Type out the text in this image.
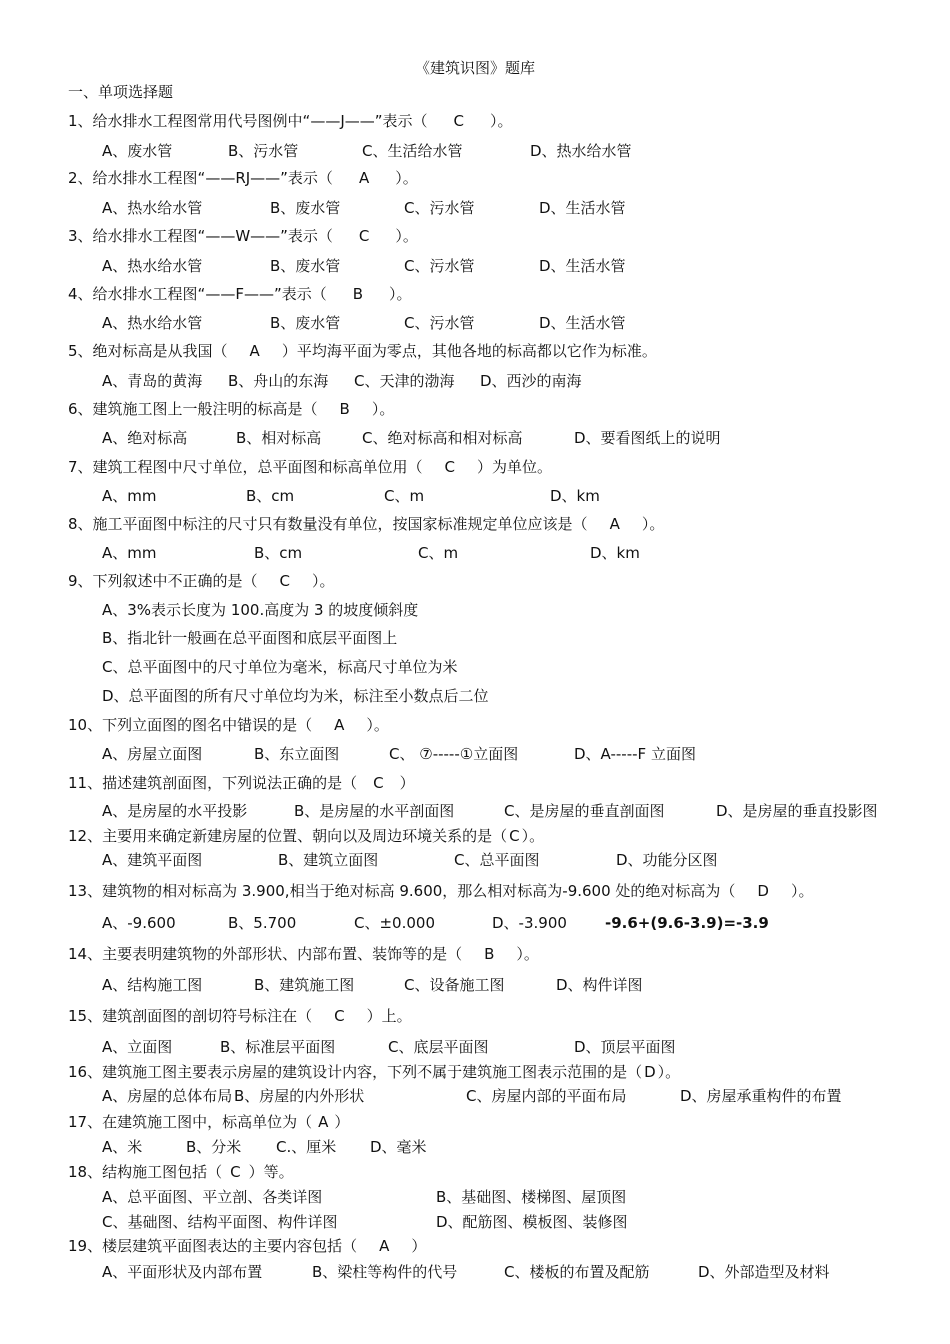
《建筑识图》题库
一、单项选择题
1、给水排水工程图常用代号图例中“——J——”表示（ C ）。
A、废水管	B、污水管	C、生活给水管	D、热水给水管
2、给水排水工程图“——RJ——”表示（ A ）。
A、热水给水管	B、废水管	C、污水管	D、生活水管
3、给水排水工程图“——W——”表示（ C ）。
A、热水给水管	B、废水管	C、污水管	D、生活水管
4、给水排水工程图“——F——”表示（ B ）。
A、热水给水管	B、废水管	C、污水管	D、生活水管
5、绝对标高是从我国（ A ）平均海平面为零点，其他各地的标高都以它作为标准。
A、青岛的黄海 B、舟山的东海 C、天津的渤海 D、西沙的南海
6、建筑施工图上一般注明的标高是（ B ）。
A、绝对标高	B、相对标高	C、绝对标高和相对标高	D、要看图纸上的说明
7、建筑工程图中尺寸单位，总平面图和标高单位用（ C ）为单位。
A、mm	B、cm	C、m	D、km
8、施工平面图中标注的尺寸只有数量没有单位，按国家标准规定单位应该是（ A ）。
A、mm	B、cm	C、m	D、km
9、下列叙述中不正确的是（ C ）。
A、3%表示长度为 100.高度为 3 的坡度倾斜度
B、指北针一般画在总平面图和底层平面图上
C、总平面图中的尺寸单位为毫米，标高尺寸单位为米
D、总平面图的所有尺寸单位均为米，标注至小数点后二位
10、下列立面图的图名中错误的是（ A ）。
A、房屋立面图	B、东立面图	C、 ⑦-----①立面图	D、A-----F 立面图
11、描述建筑剖面图，下列说法正确的是（ C ）
A、是房屋的水平投影	B、是房屋的水平剖面图	C、是房屋的垂直剖面图	D、是房屋的垂直投影图
12、主要用来确定新建房屋的位置、朝向以及周边环境关系的是（ C ）。
A、建筑平面图	B、建筑立面图	C、总平面图	D、功能分区图
13、建筑物的相对标高为 3.900,相当于绝对标高 9.600，那么相对标高为-9.600 处的绝对标高为（ D ）。
A、-9.600	B、5.700	C、±0.000	D、-3.900	-9.6+(9.6-3.9)=-3.9
14、主要表明建筑物的外部形状、内部布置、装饰等的是（ B ）。
A、结构施工图	B、建筑施工图	C、设备施工图	D、构件详图
15、建筑剖面图的剖切符号标注在（ C ）上。
A、立面图	B、标准层平面图	C、底层平面图	D、顶层平面图
16、建筑施工图主要表示房屋的建筑设计内容，下列不属于建筑施工图表示范围的是（ D ）。
A、房屋的总体布局 B、房屋的内外形状	C、房屋内部的平面布局	D、房屋承重构件的布置
17、在建筑施工图中，标高单位为（ A ）
A、米	B、分米 C.、厘米 D、毫米
18、结构施工图包括（ C ）等。
A、总平面图、平立剖、各类详图	B、基础图、楼梯图、屋顶图
C、基础图、结构平面图、构件详图	D、配筋图、模板图、装修图
19、楼层建筑平面图表达的主要内容包括（ A ）
A、平面形状及内部布置	B、梁柱等构件的代号	C、楼板的布置及配筋	D、外部造型及材料
